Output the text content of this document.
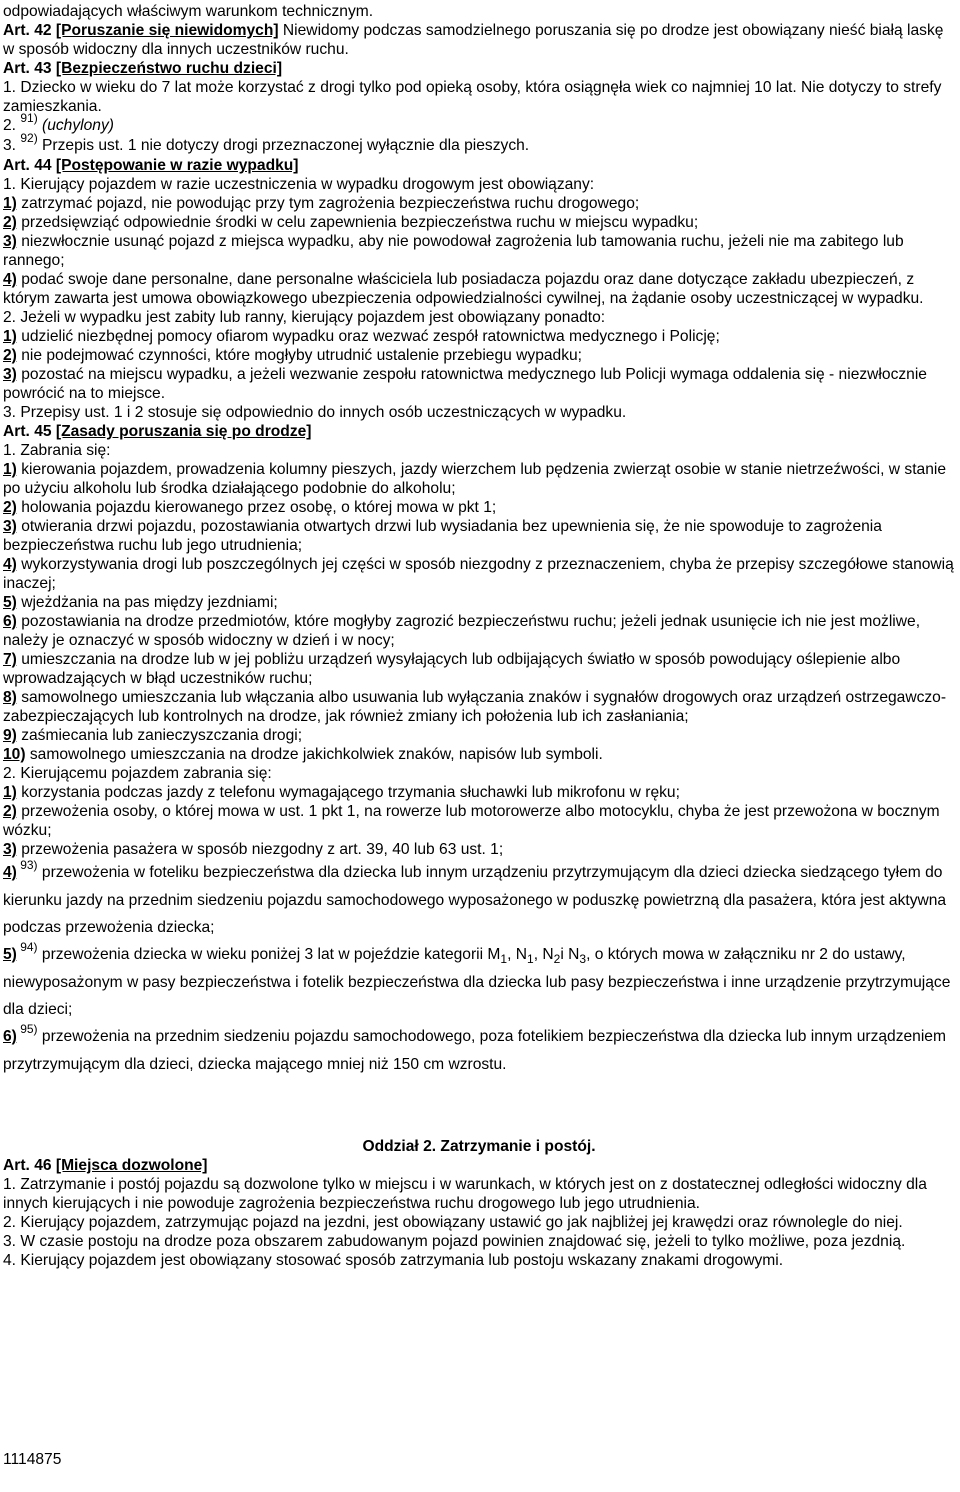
odpowiadających właściwym warunkom technicznym.

Art. 42 [Poruszanie się niewidomych] Niewidomy podczas samodzielnego poruszania się po drodze jest obowiązany nieść białą laskę w sposób widoczny dla innych uczestników ruchu.

Art. 43 [Bezpieczeństwo ruchu dzieci]

1. Dziecko w wieku do 7 lat może korzystać z drogi tylko pod opieką osoby, która osiągnęła wiek co najmniej 10 lat. Nie dotyczy to strefy zamieszkania.

2. $^{91)}$ (uchylony)

3. $^{92)}$ Przepis ust. 1 nie dotyczy drogi przeznaczonej wyłącznie dla pieszych.

Art. 44 [Postępowanie w razie wypadku]

1. Kierujący pojazdem w razie uczestniczenia w wypadku drogowym jest obowiązany:

1) zatrzymać pojazd, nie powodując przy tym zagrożenia bezpieczeństwa ruchu drogowego;

2) przedsięwziąć odpowiednie środki w celu zapewnienia bezpieczeństwa ruchu w miejscu wypadku;

3) niezwłocznie usunąć pojazd z miejsca wypadku, aby nie powodował zagrożenia lub tamowania ruchu, jeżeli nie ma zabitego lub rannego;

4) podać swoje dane personalne, dane personalne właściciela lub posiadacza pojazdu oraz dane dotyczące zakładu ubezpieczeń, z którym zawarta jest umowa obowiązkowego ubezpieczenia odpowiedzialności cywilnej, na żądanie osoby uczestniczącej w wypadku.

2. Jeżeli w wypadku jest zabity lub ranny, kierujący pojazdem jest obowiązany ponadto:

1) udzielić niezbędnej pomocy ofiarom wypadku oraz wezwać zespół ratownictwa medycznego i Policję;

2) nie podejmować czynności, które mogłyby utrudnić ustalenie przebiegu wypadku;

3) pozostać na miejscu wypadku, a jeżeli wezwanie zespołu ratownictwa medycznego lub Policji wymaga oddalenia się - niezwłocznie powrócić na to miejsce.

3. Przepisy ust. 1 i 2 stosuje się odpowiednio do innych osób uczestniczących w wypadku.

Art. 45 [Zasady poruszania się po drodze]

1. Zabrania się:

1) kierowania pojazdem, prowadzenia kolumny pieszych, jazdy wierzchem lub pędzenia zwierząt osobie w stanie nietrzeźwości, w stanie po użyciu alkoholu lub środka działającego podobnie do alkoholu;

2) holowania pojazdu kierowanego przez osobę, o której mowa w pkt 1;

3) otwierania drzwi pojazdu, pozostawiania otwartych drzwi lub wysiadania bez upewnienia się, że nie spowoduje to zagrożenia bezpieczeństwa ruchu lub jego utrudnienia;

4) wykorzystywania drogi lub poszczególnych jej części w sposób niezgodny z przeznaczeniem, chyba że przepisy szczegółowe stanowią inaczej;

5) wjeżdżania na pas między jezdniami;

6) pozostawiania na drodze przedmiotów, które mogłyby zagrozić bezpieczeństwu ruchu; jeżeli jednak usunięcie ich nie jest możliwe, należy je oznaczyć w sposób widoczny w dzień i w nocy;

7) umieszczania na drodze lub w jej pobliżu urządzeń wysyłających lub odbijających światło w sposób powodujący oślepienie albo wprowadzających w błąd uczestników ruchu;

8) samowolnego umieszczania lub włączania albo usuwania lub wyłączania znaków i sygnałów drogowych oraz urządzeń ostrzegawczo-zabezpieczających lub kontrolnych na drodze, jak również zmiany ich położenia lub ich zasłaniania;

9) zaśmiecania lub zanieczyszczania drogi;

10) samowolnego umieszczania na drodze jakichkolwiek znaków, napisów lub symboli.

2. Kierującemu pojazdem zabrania się:

1) korzystania podczas jazdy z telefonu wymagającego trzymania słuchawki lub mikrofonu w ręku;

2) przewożenia osoby, o której mowa w ust. 1 pkt 1, na rowerze lub motorowerze albo motocyklu, chyba że jest przewożona w bocznym wózku;

3) przewożenia pasażera w sposób niezgodny z art. 39, 40 lub 63 ust. 1;

4) $^{93)}$ przewożenia w foteliku bezpieczeństwa dla dziecka lub innym urządzeniu przytrzymującym dla dzieci dziecka siedzącego tyłem do kierunku jazdy na przednim siedzeniu pojazdu samochodowego wyposażonego w poduszkę powietrzną dla pasażera, która jest aktywna podczas przewożenia dziecka;

5) $^{94)}$ przewożenia dziecka w wieku poniżej 3 lat w pojeździe kategorii $M_1$, $N_1$, $N_2i$ $N_3$, o których mowa w załączniku nr 2 do ustawy, niewyposażonym w pasy bezpieczeństwa i fotelik bezpieczeństwa dla dziecka lub pasy bezpieczeństwa i inne urządzenie przytrzymujące dla dzieci;

6) $^{95)}$ przewożenia na przednim siedzeniu pojazdu samochodowego, poza fotelikiem bezpieczeństwa dla dziecka lub innym urządzeniem przytrzymującym dla dzieci, dziecka mającego mniej niż 150 cm wzrostu.

Oddział 2. Zatrzymanie i postój.

Art. 46 [Miejsca dozwolone]

1. Zatrzymanie i postój pojazdu są dozwolone tylko w miejscu i w warunkach, w których jest on z dostatecznej odległości widoczny dla innych kierujących i nie powoduje zagrożenia bezpieczeństwa ruchu drogowego lub jego utrudnienia.

2. Kierujący pojazdem, zatrzymując pojazd na jezdni, jest obowiązany ustawić go jak najbliżej jej krawędzi oraz równolegle do niej.

3. W czasie postoju na drodze poza obszarem zabudowanym pojazd powinien znajdować się, jeżeli to tylko możliwe, poza jezdnią.

4. Kierujący pojazdem jest obowiązany stosować sposób zatrzymania lub postoju wskazany znakami drogowymi.

1114875
